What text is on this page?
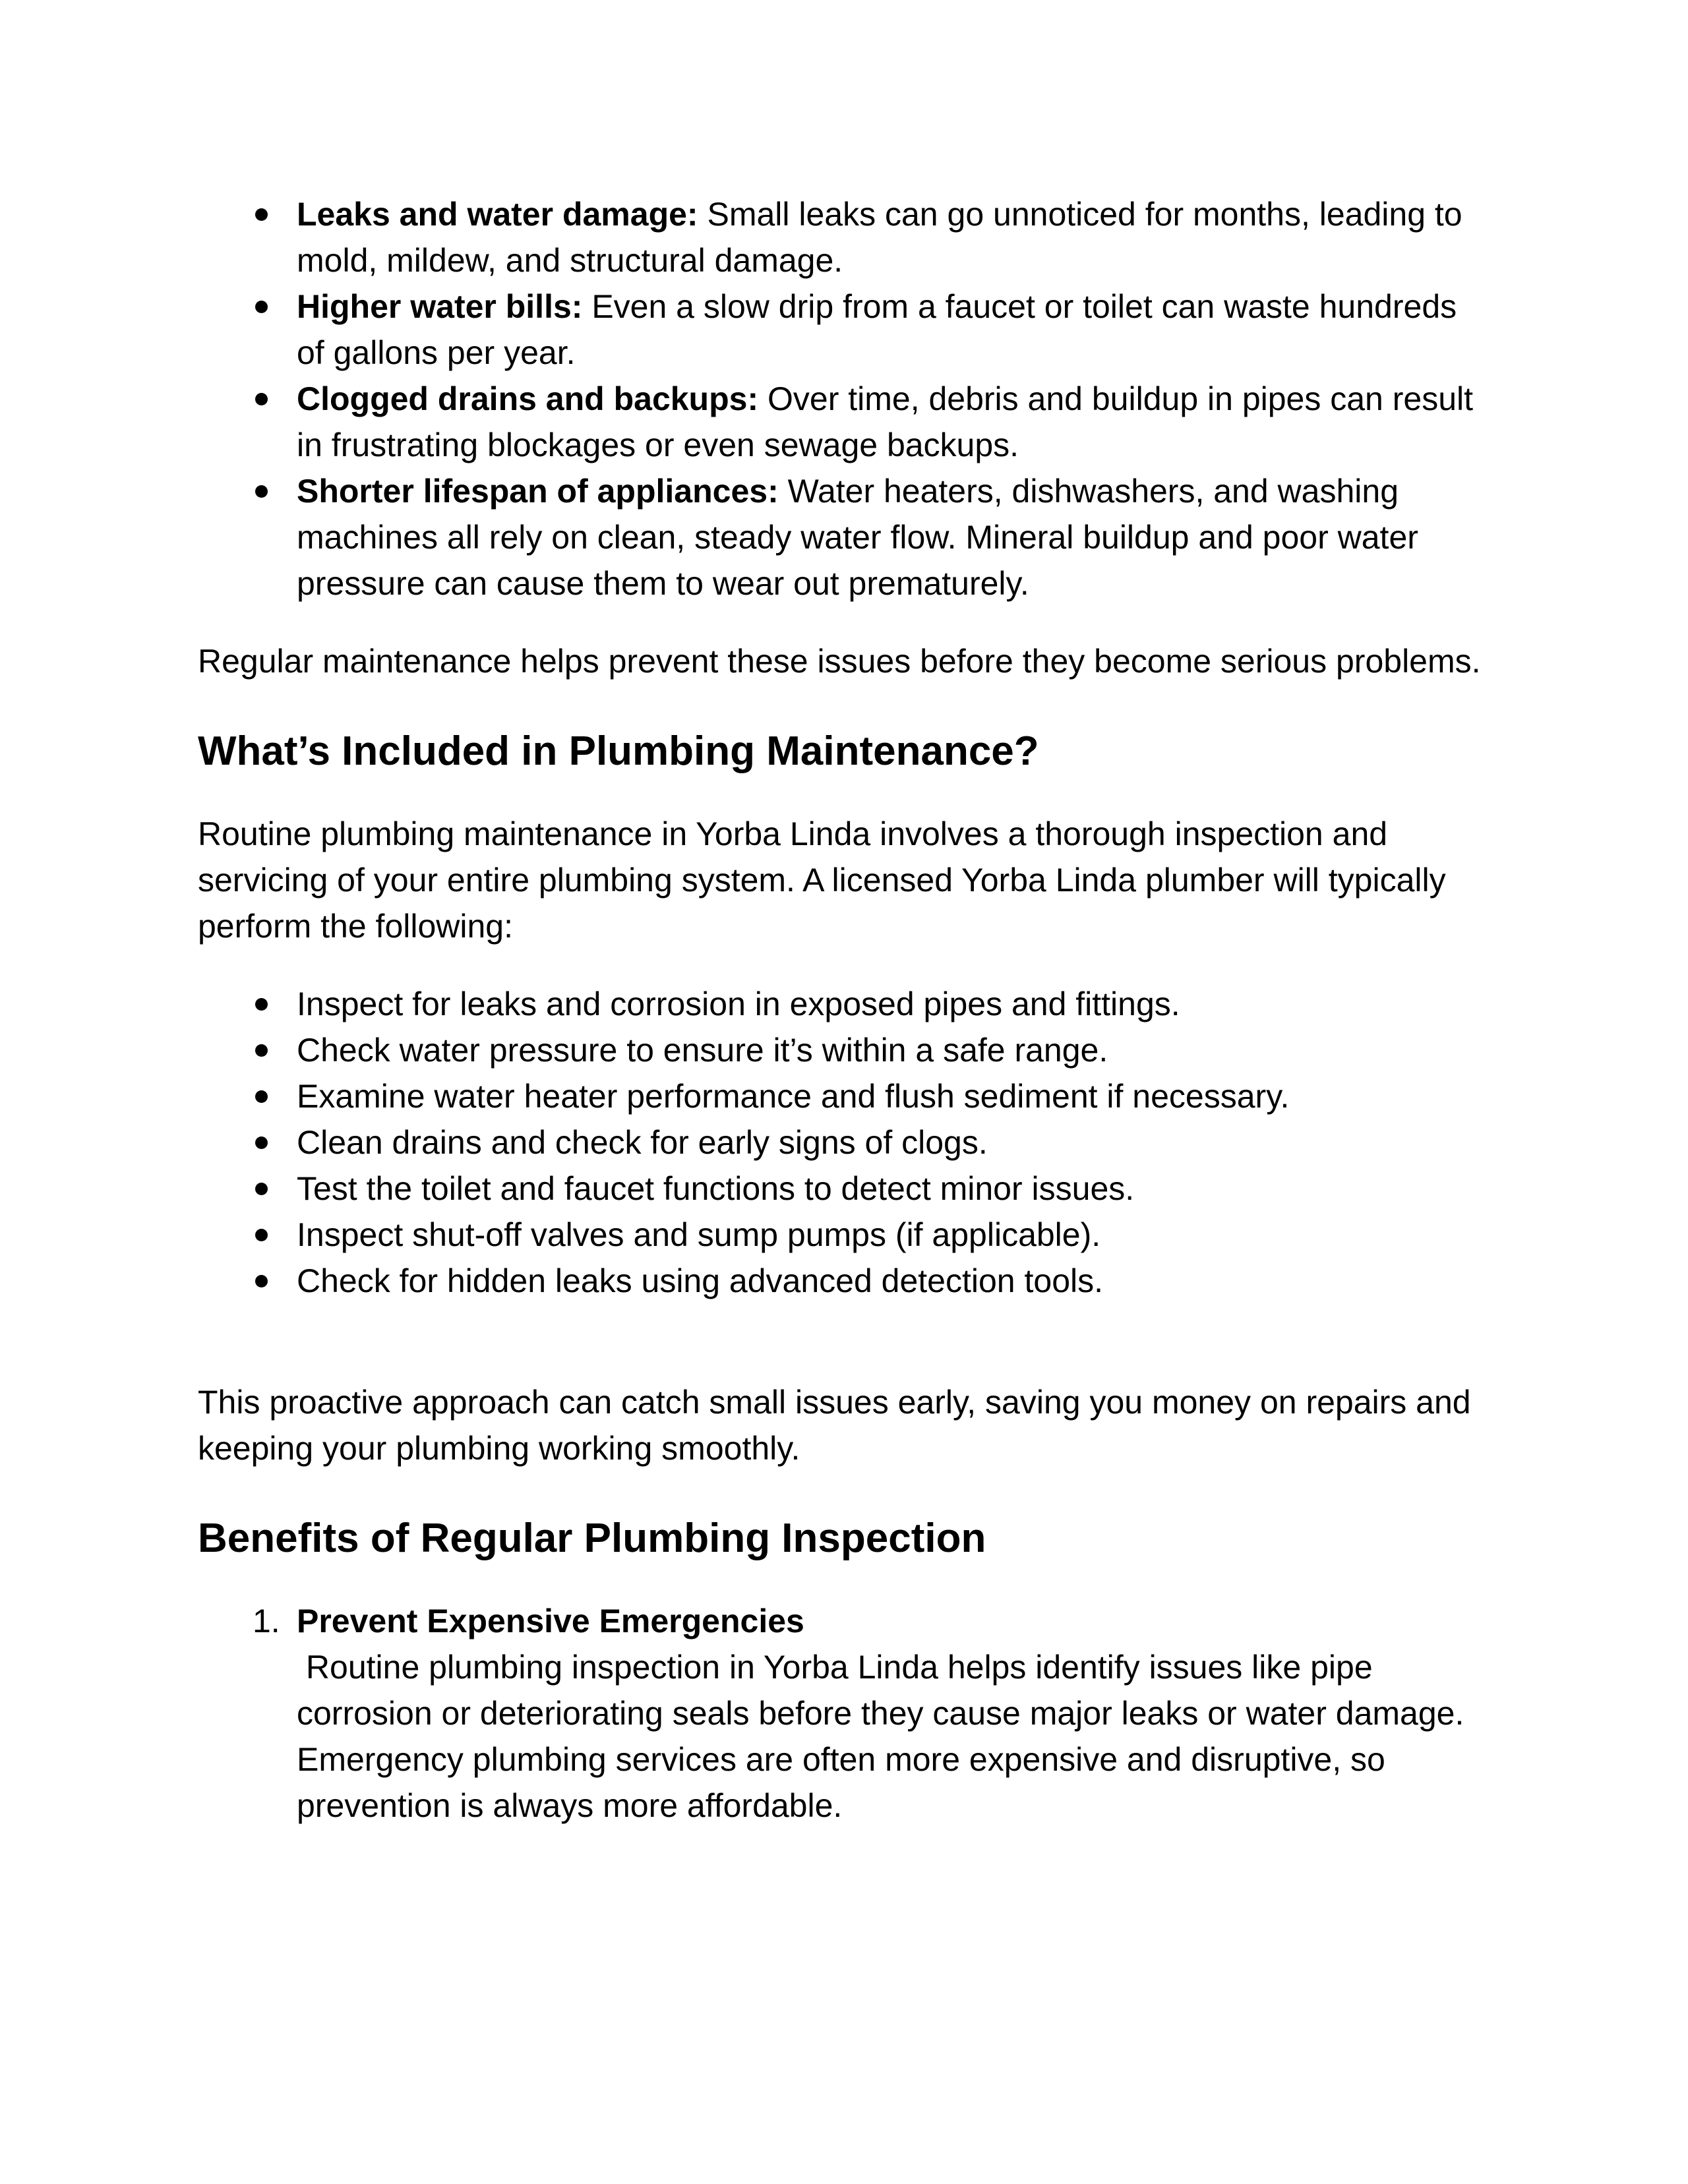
Leaks and water damage: Small leaks can go unnoticed for months, leading to mold, mildew, and structural damage.
Higher water bills: Even a slow drip from a faucet or toilet can waste hundreds of gallons per year.
Clogged drains and backups: Over time, debris and buildup in pipes can result in frustrating blockages or even sewage backups.
Shorter lifespan of appliances: Water heaters, dishwashers, and washing machines all rely on clean, steady water flow. Mineral buildup and poor water pressure can cause them to wear out prematurely.

Regular maintenance helps prevent these issues before they become serious problems.

What’s Included in Plumbing Maintenance?

Routine plumbing maintenance in Yorba Linda involves a thorough inspection and servicing of your entire plumbing system. A licensed Yorba Linda plumber will typically perform the following:

Inspect for leaks and corrosion in exposed pipes and fittings.
Check water pressure to ensure it’s within a safe range.
Examine water heater performance and flush sediment if necessary.
Clean drains and check for early signs of clogs.
Test the toilet and faucet functions to detect minor issues.
Inspect shut-off valves and sump pumps (if applicable).
Check for hidden leaks using advanced detection tools.

This proactive approach can catch small issues early, saving you money on repairs and keeping your plumbing working smoothly.

Benefits of Regular Plumbing Inspection
1. Prevent Expensive Emergencies
Routine plumbing inspection in Yorba Linda helps identify issues like pipe corrosion or deteriorating seals before they cause major leaks or water damage. Emergency plumbing services are often more expensive and disruptive, so prevention is always more affordable.
